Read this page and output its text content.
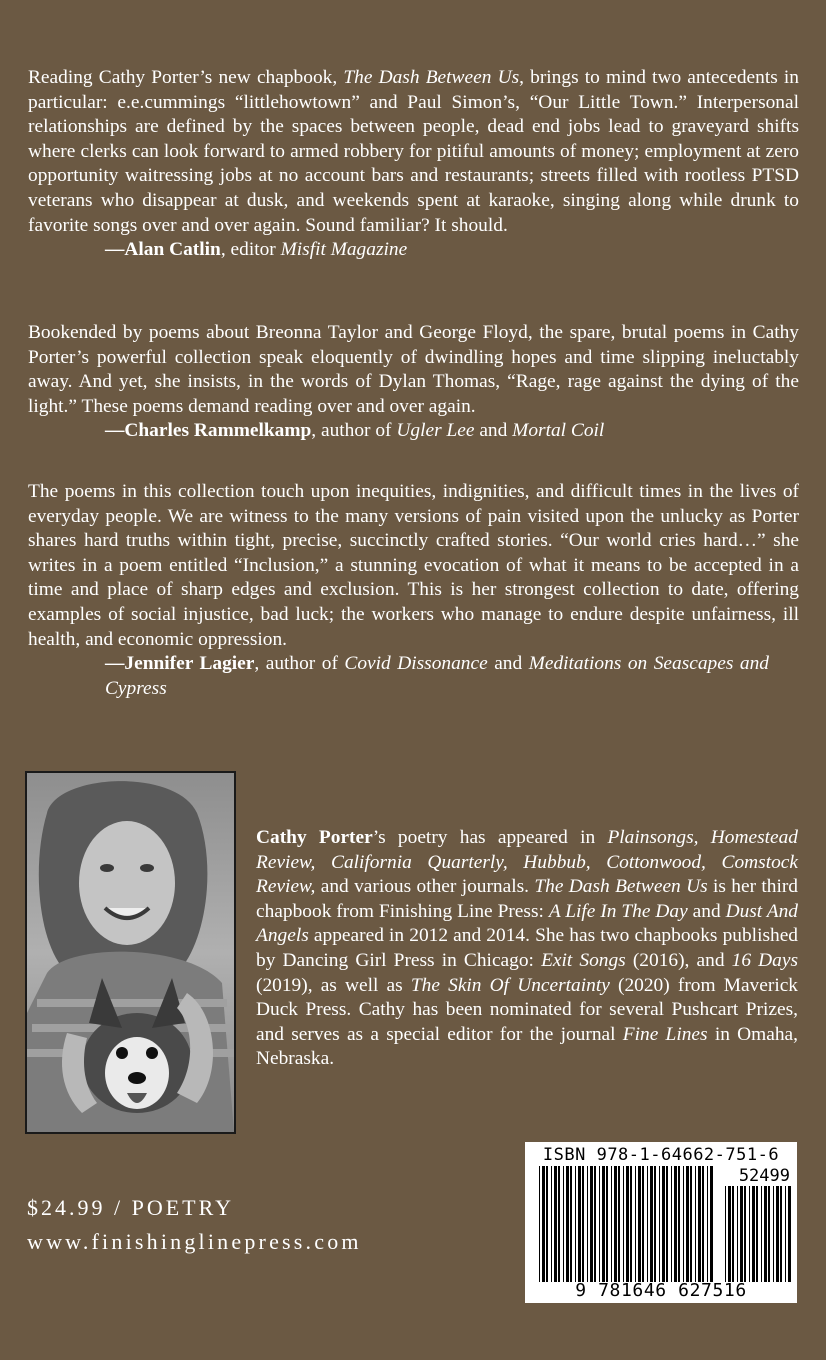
Reading Cathy Porter’s new chapbook, The Dash Between Us, brings to mind two antecedents in particular: e.e.cummings “littlehowtown” and Paul Simon’s, “Our Little Town.” Interpersonal relationships are defined by the spaces between people, dead end jobs lead to graveyard shifts where clerks can look forward to armed robbery for pitiful amounts of money; employment at zero opportunity waitressing jobs at no account bars and restaurants; streets filled with rootless PTSD veterans who disappear at dusk, and weekends spent at karaoke, singing along while drunk to favorite songs over and over again. Sound familiar? It should.

—Alan Catlin, editor Misfit Magazine

Bookended by poems about Breonna Taylor and George Floyd, the spare, brutal poems in Cathy Porter’s powerful collection speak eloquently of dwindling hopes and time slipping ineluctably away. And yet, she insists, in the words of Dylan Thomas, “Rage, rage against the dying of the light.” These poems demand reading over and over again.

—Charles Rammelkamp, author of Ugler Lee and Mortal Coil

The poems in this collection touch upon inequities, indignities, and difficult times in the lives of everyday people. We are witness to the many versions of pain visited upon the unlucky as Porter shares hard truths within tight, precise, succinctly crafted stories. “Our world cries hard…” she writes in a poem entitled “Inclusion,” a stunning evocation of what it means to be accepted in a time and place of sharp edges and exclusion. This is her strongest collection to date, offering examples of social injustice, bad luck; the workers who manage to endure despite unfairness, ill health, and economic oppression.

—Jennifer Lagier, author of Covid Dissonance and Meditations on Seascapes and Cypress

Cathy Porter’s poetry has appeared in Plainsongs, Homestead Review, California Quarterly, Hubbub, Cottonwood, Comstock Review, and various other journals. The Dash Between Us is her third chapbook from Finishing Line Press: A Life In The Day and Dust And Angels appeared in 2012 and 2014. She has two chapbooks published by Dancing Girl Press in Chicago: Exit Songs (2016), and 16 Days (2019), as well as The Skin Of Uncertainty (2020) from Maverick Duck Press. Cathy has been nominated for several Pushcart Prizes, and serves as a special editor for the journal Fine Lines in Omaha, Nebraska.

$24.99 / POETRY

www.finishinglinepress.com

ISBN 978-1-64662-751-6

52499

9 781646 627516
